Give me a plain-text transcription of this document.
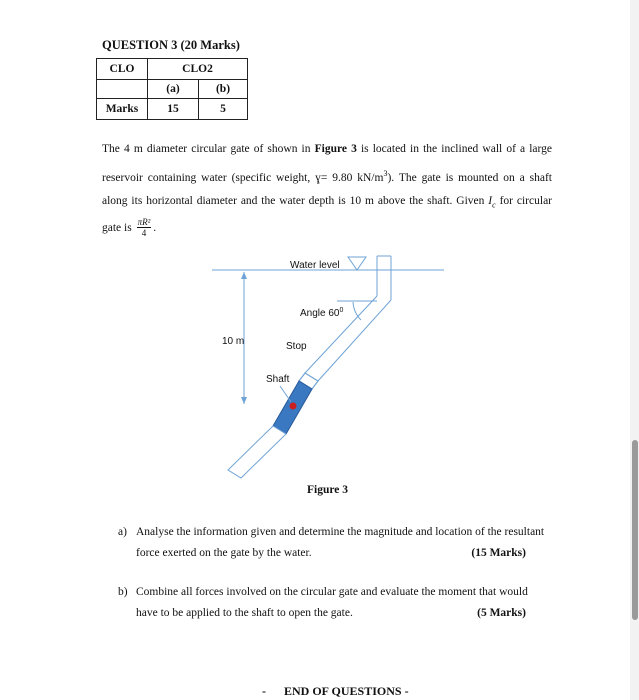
QUESTION 3 (20 Marks)
CLO	CLO2	
	(a)	(b)
Marks	15	5
The 4 m diameter circular gate of shown in Figure 3 is located in the inclined wall of a large reservoir containing water (specific weight, ɣ= 9.80 $kN/m^3$). The gate is mounted on a shaft along its horizontal diameter and the water depth is 10 m above the shaft. Given $I_c$ for circular gate is $\frac{\text{πR²}}{4}$ .
Water level
Angle $60^0$
10 m	Stop
Shaft
Figure 3
a) Analyse the information given and determine the magnitude and location of the resultant
force exerted on the gate by the water.	(15 Marks)
b) Combine all forces involved on the circular gate and evaluate the moment that would
have to be applied to the shaft to open the gate.	(5 Marks)
-      END OF QUESTIONS -
